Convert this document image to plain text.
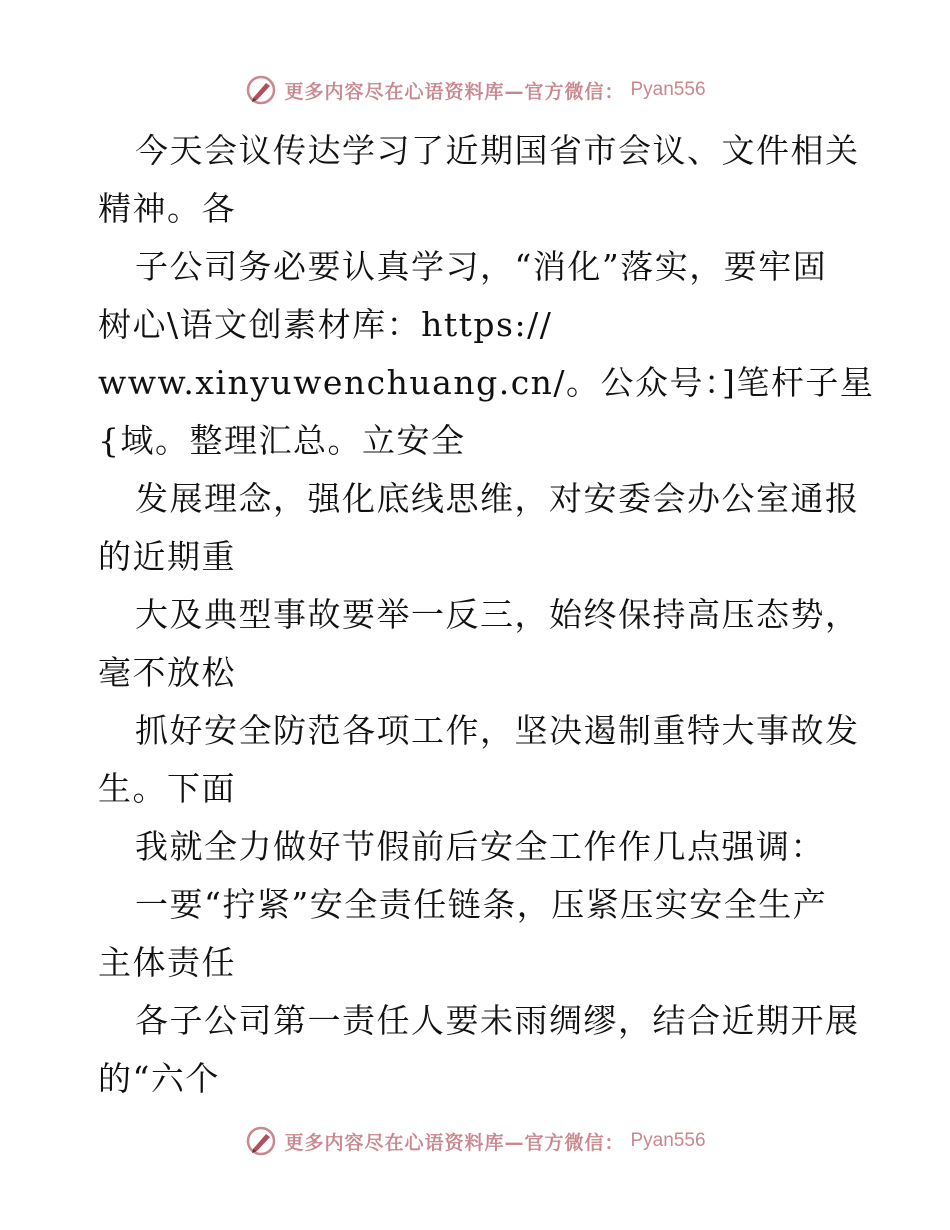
更多内容尽在心语资料库—官方微信： Pyan556
今天会议传达学习了近期国省市会议、文件相关
精神。各
子公司务必要认真学习，“消化”落实，要牢固
树心\语文创素材库：https://
www.xinyuwenchuang.cn/。公众号：]笔杆子星
{域。整理汇总。立安全
发展理念，强化底线思维，对安委会办公室通报
的近期重
大及典型事故要举一反三，始终保持高压态势，
毫不放松
抓好安全防范各项工作，坚决遏制重特大事故发
生。下面
我就全力做好节假前后安全工作作几点强调：
一要“拧紧”安全责任链条，压紧压实安全生产
主体责任
各子公司第一责任人要未雨绸缪，结合近期开展
的“六个
更多内容尽在心语资料库—官方微信： Pyan556
